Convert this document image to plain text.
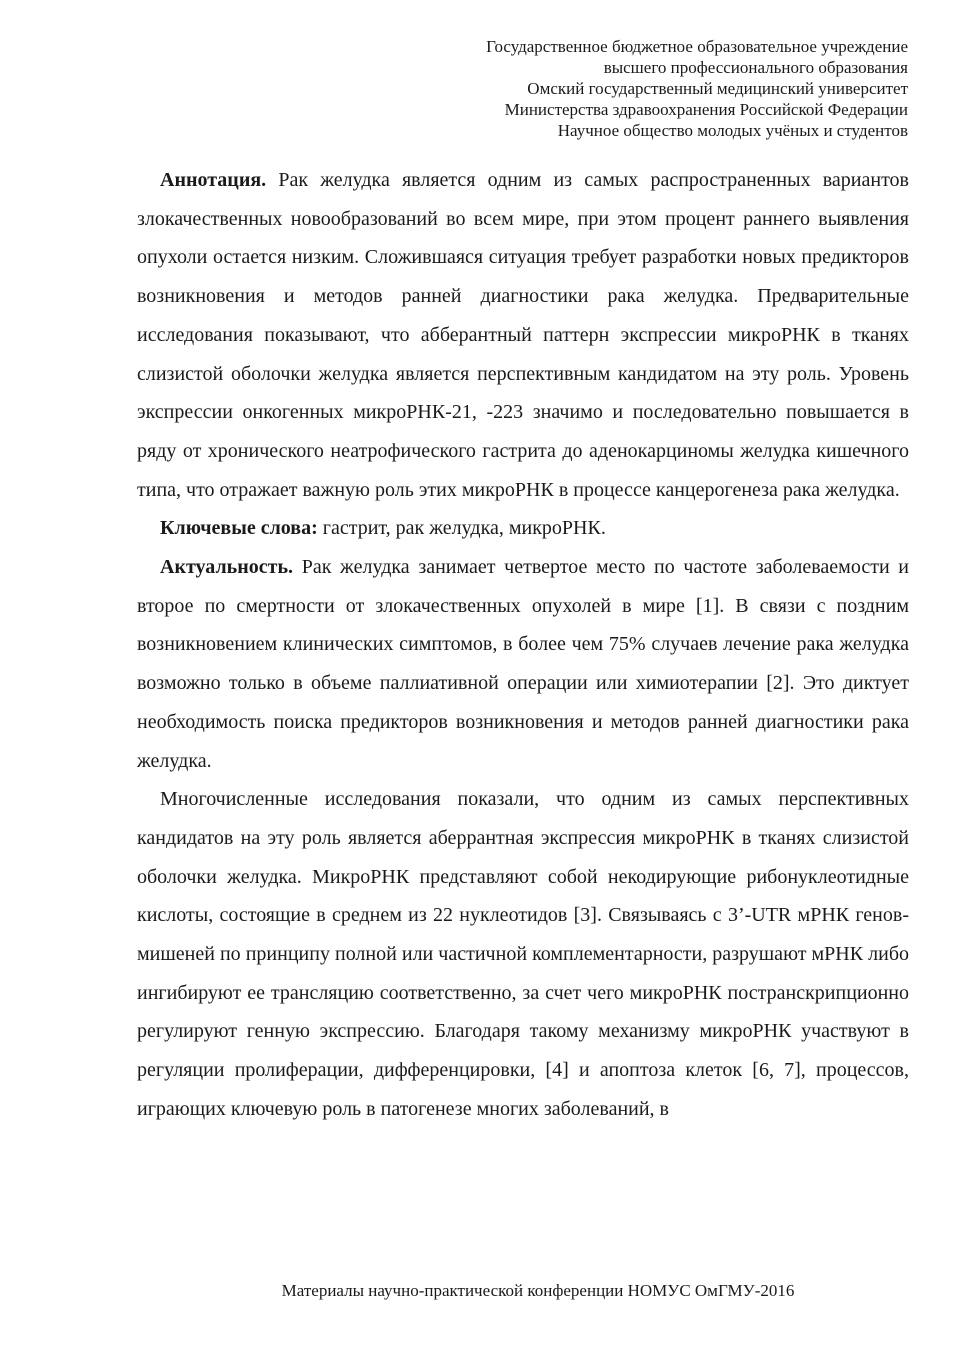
Государственное бюджетное образовательное учреждение
высшего профессионального образования
Омский государственный медицинский университет
Министерства здравоохранения Российской Федерации
Научное общество молодых учёных и студентов

Аннотация. Рак желудка является одним из самых распространенных вариантов злокачественных новообразований во всем мире, при этом процент раннего выявления опухоли остается низким. Сложившаяся ситуация требует разработки новых предикторов возникновения и методов ранней диагностики рака желудка. Предварительные исследования показывают, что абберантный паттерн экспрессии микроРНК в тканях слизистой оболочки желудка является перспективным кандидатом на эту роль. Уровень экспрессии онкогенных микроРНК-21, -223 значимо и последовательно повышается в ряду от хронического неатрофического гастрита до аденокарциномы желудка кишечного типа, что отражает важную роль этих микроРНК в процессе канцерогенеза рака желудка.

Ключевые слова: гастрит, рак желудка, микроРНК.

Актуальность. Рак желудка занимает четвертое место по частоте заболеваемости и второе по смертности от злокачественных опухолей в мире [1]. В связи с поздним возникновением клинических симптомов, в более чем 75% случаев лечение рака желудка возможно только в объеме паллиативной операции или химиотерапии [2]. Это диктует необходимость поиска предикторов возникновения и методов ранней диагностики рака желудка.

Многочисленные исследования показали, что одним из самых перспективных кандидатов на эту роль является аберрантная экспрессия микроРНК в тканях слизистой оболочки желудка. МикроРНК представляют собой некодирующие рибонуклеотидные кислоты, состоящие в среднем из 22 нуклеотидов [3]. Связываясь с 3’-UTR мРНК генов-мишеней по принципу полной или частичной комплементарности, разрушают мРНК либо ингибируют ее трансляцию соответственно, за счет чего микроРНК постранскрипционно регулируют генную экспрессию. Благодаря такому механизму микроРНК участвуют в регуляции пролиферации, дифференцировки, [4] и апоптоза клеток [6, 7], процессов, играющих ключевую роль в патогенезе многих заболеваний, в

Материалы научно-практической конференции НОМУС ОмГМУ-2016
